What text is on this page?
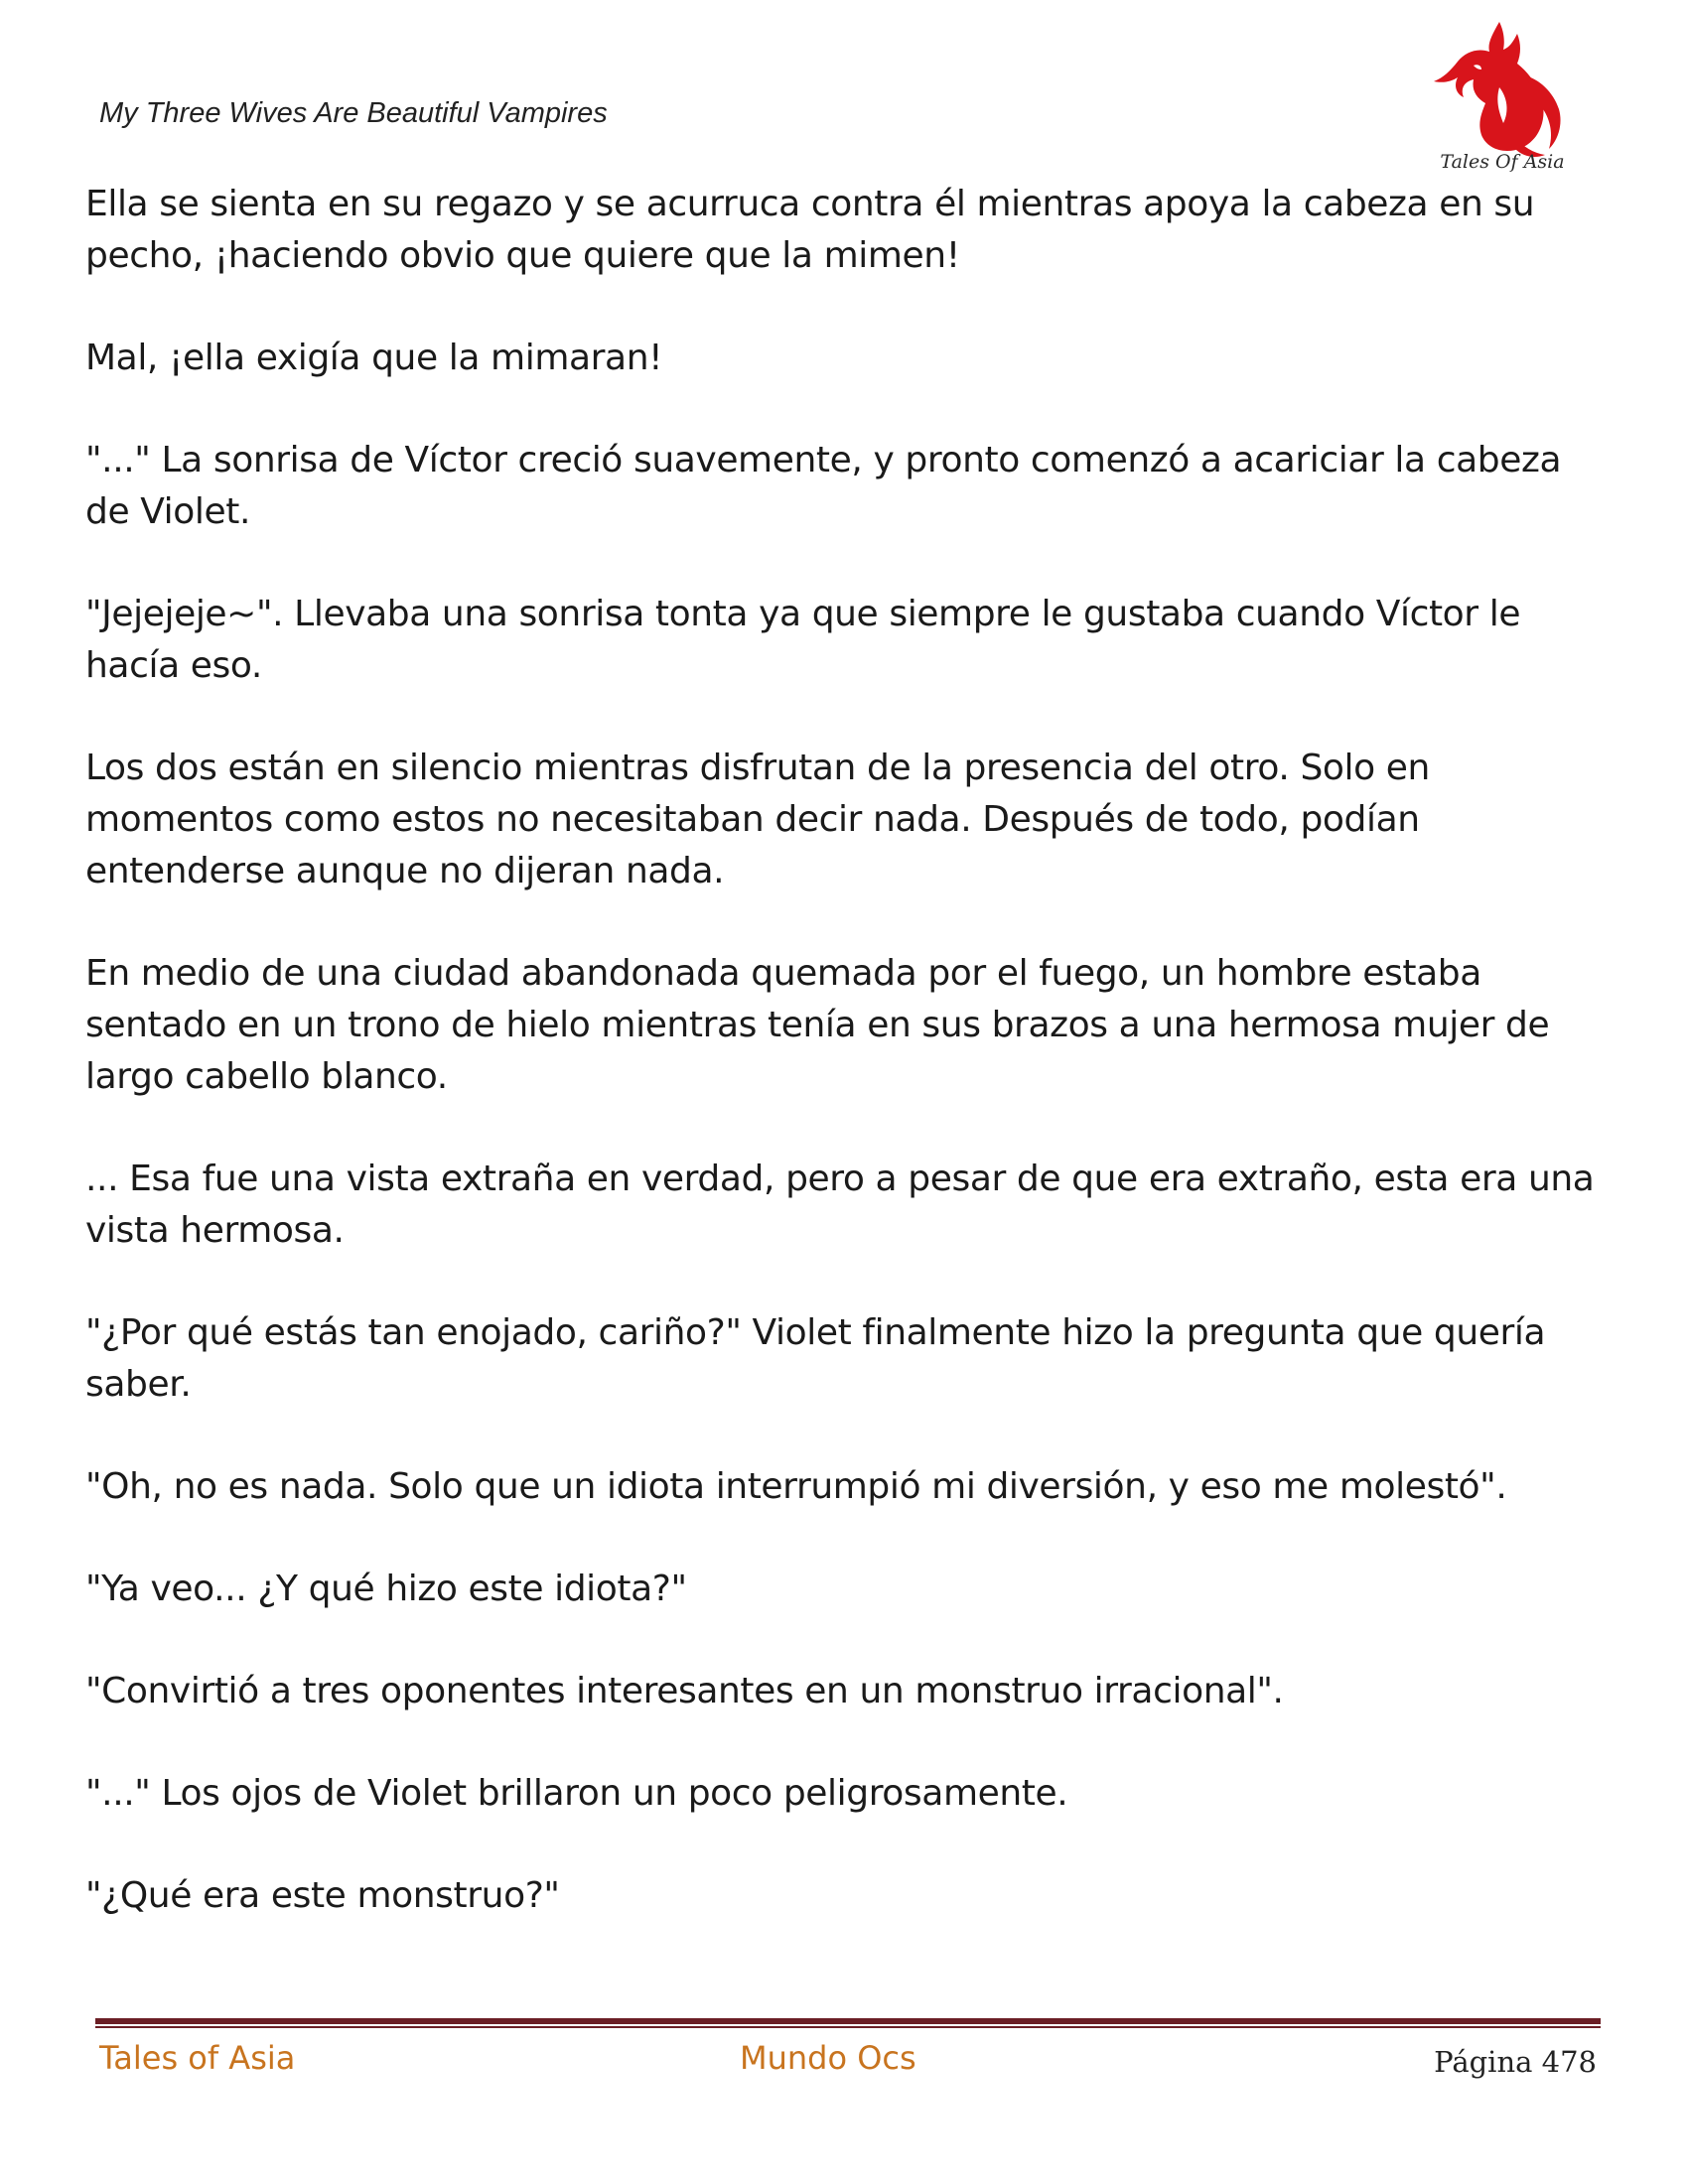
My Three Wives Are Beautiful Vampires
Tales Of Asia

Ella se sienta en su regazo y se acurruca contra él mientras apoya la cabeza en su pecho, ¡haciendo obvio que quiere que la mimen!

Mal, ¡ella exigía que la mimaran!

"..." La sonrisa de Víctor creció suavemente, y pronto comenzó a acariciar la cabeza de Violet.

"Jejejeje~". Llevaba una sonrisa tonta ya que siempre le gustaba cuando Víctor le hacía eso.

Los dos están en silencio mientras disfrutan de la presencia del otro. Solo en momentos como estos no necesitaban decir nada. Después de todo, podían entenderse aunque no dijeran nada.

En medio de una ciudad abandonada quemada por el fuego, un hombre estaba sentado en un trono de hielo mientras tenía en sus brazos a una hermosa mujer de largo cabello blanco.

... Esa fue una vista extraña en verdad, pero a pesar de que era extraño, esta era una vista hermosa.

"¿Por qué estás tan enojado, cariño?" Violet finalmente hizo la pregunta que quería saber.

"Oh, no es nada. Solo que un idiota interrumpió mi diversión, y eso me molestó".

"Ya veo... ¿Y qué hizo este idiota?"

"Convirtió a tres oponentes interesantes en un monstruo irracional".

"..." Los ojos de Violet brillaron un poco peligrosamente.

"¿Qué era este monstruo?"

Tales of Asia	Mundo Ocs	Página 478
